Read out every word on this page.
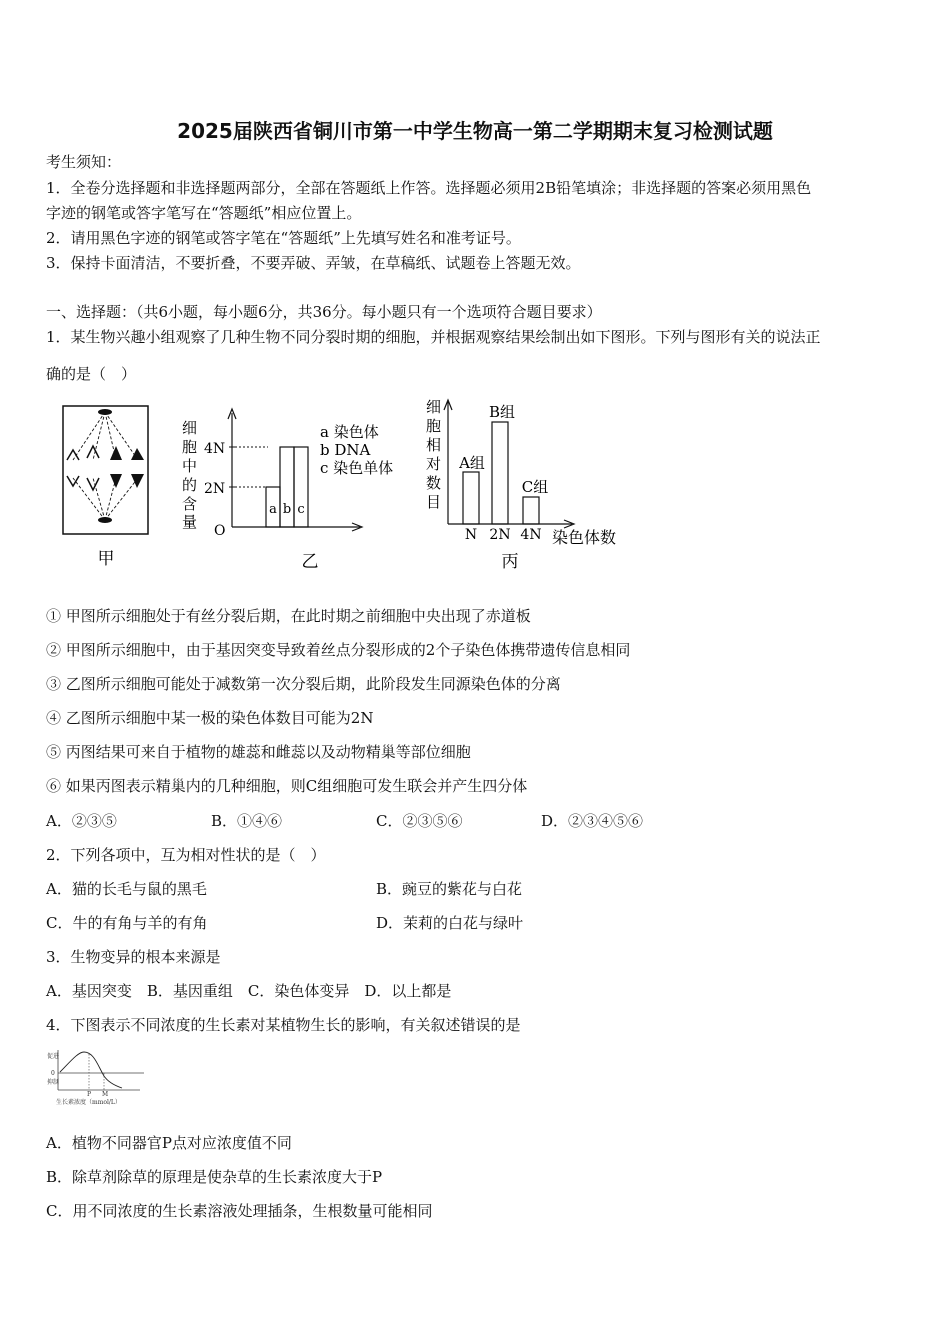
2025届陕西省铜川市第一中学生物高一第二学期期末复习检测试题
考生须知：
1．全卷分选择题和非选择题两部分，全部在答题纸上作答。选择题必须用2B铅笔填涂；非选择题的答案必须用黑色
字迹的钢笔或答字笔写在“答题纸”相应位置上。
2．请用黑色字迹的钢笔或答字笔在“答题纸”上先填写姓名和准考证号。
3．保持卡面清洁，不要折叠，不要弄破、弄皱，在草稿纸、试题卷上答题无效。
一、选择题：（共6小题，每小题6分，共36分。每小题只有一个选项符合题目要求）
1．某生物兴趣小组观察了几种生物不同分裂时期的细胞，并根据观察结果绘制出如下图形。下列与图形有关的说法正
确的是（　）
甲
细
胞
中
的
含
量
4N
2N
O
a b c
a 染色体
b DNA
c 染色单体
乙
细
胞
相
对
数
目
A组
B组
C组
N 2N 4N 染色体数
丙
① 甲图所示细胞处于有丝分裂后期，在此时期之前细胞中央出现了赤道板
② 甲图所示细胞中，由于基因突变导致着丝点分裂形成的2个子染色体携带遗传信息相同
③ 乙图所示细胞可能处于减数第一次分裂后期，此阶段发生同源染色体的分离
④ 乙图所示细胞中某一极的染色体数目可能为2N
⑤ 丙图结果可来自于植物的雄蕊和雌蕊以及动物精巢等部位细胞
⑥ 如果丙图表示精巢内的几种细胞，则C组细胞可发生联会并产生四分体
A．②③⑤	B．①④⑥	C．②③⑤⑥	D．②③④⑤⑥
2．下列各项中，互为相对性状的是（　）
A．猫的长毛与鼠的黑毛	B．豌豆的紫花与白花
C．牛的有角与羊的有角	D．茉莉的白花与绿叶
3．生物变异的根本来源是
A．基因突变　B．基因重组　C．染色体变异　D．以上都是
4．下图表示不同浓度的生长素对某植物生长的影响，有关叙述错误的是
促进
0
抑制
P M
生长素浓度（mmol/L）
A．植物不同器官P点对应浓度值不同
B．除草剂除草的原理是使杂草的生长素浓度大于P
C．用不同浓度的生长素溶液处理插条，生根数量可能相同
